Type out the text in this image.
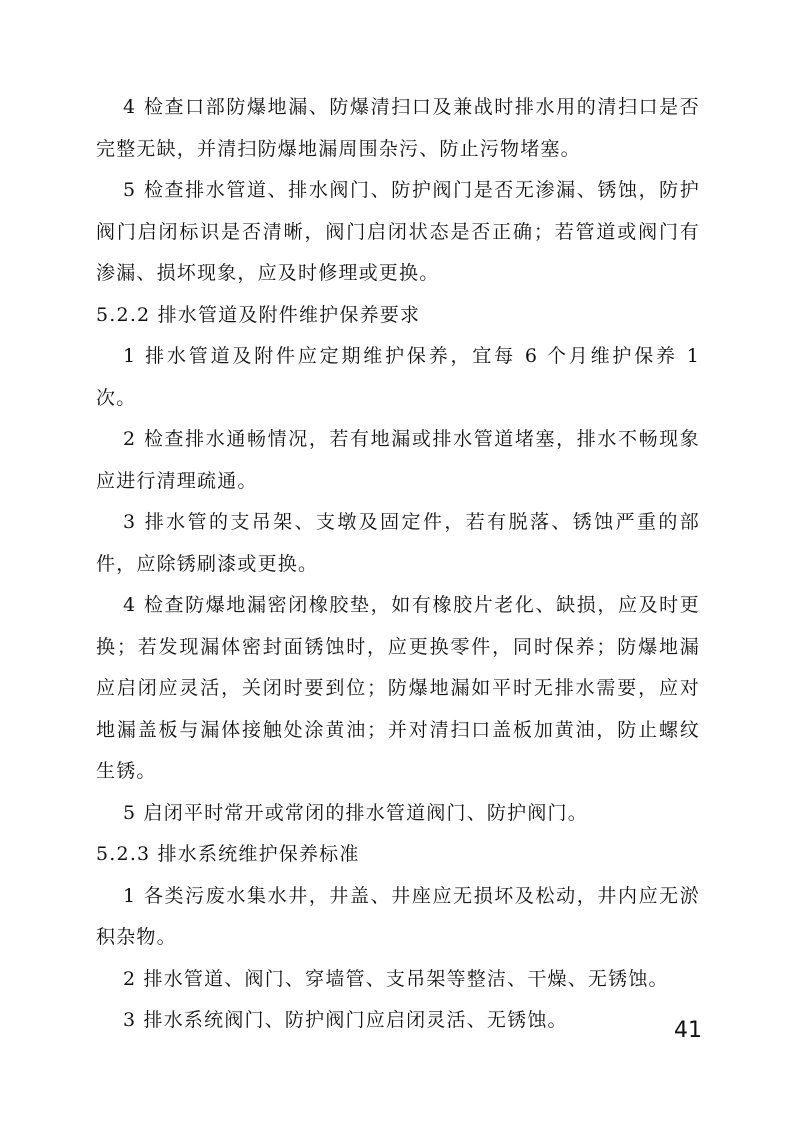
4 检查口部防爆地漏、防爆清扫口及兼战时排水用的清扫口是否完整无缺，并清扫防爆地漏周围杂污、防止污物堵塞。

5 检查排水管道、排水阀门、防护阀门是否无渗漏、锈蚀，防护阀门启闭标识是否清晰，阀门启闭状态是否正确；若管道或阀门有渗漏、损坏现象，应及时修理或更换。

5.2.2 排水管道及附件维护保养要求

1 排水管道及附件应定期维护保养，宜每 6 个月维护保养 1 次。

2 检查排水通畅情况，若有地漏或排水管道堵塞，排水不畅现象应进行清理疏通。

3 排水管的支吊架、支墩及固定件，若有脱落、锈蚀严重的部件，应除锈刷漆或更换。

4 检查防爆地漏密闭橡胶垫，如有橡胶片老化、缺损，应及时更换；若发现漏体密封面锈蚀时，应更换零件，同时保养；防爆地漏应启闭应灵活，关闭时要到位；防爆地漏如平时无排水需要，应对地漏盖板与漏体接触处涂黄油；并对清扫口盖板加黄油，防止螺纹生锈。

5 启闭平时常开或常闭的排水管道阀门、防护阀门。

5.2.3 排水系统维护保养标准

1 各类污废水集水井，井盖、井座应无损坏及松动，井内应无淤积杂物。

2 排水管道、阀门、穿墙管、支吊架等整洁、干燥、无锈蚀。

3 排水系统阀门、防护阀门应启闭灵活、无锈蚀。	41
